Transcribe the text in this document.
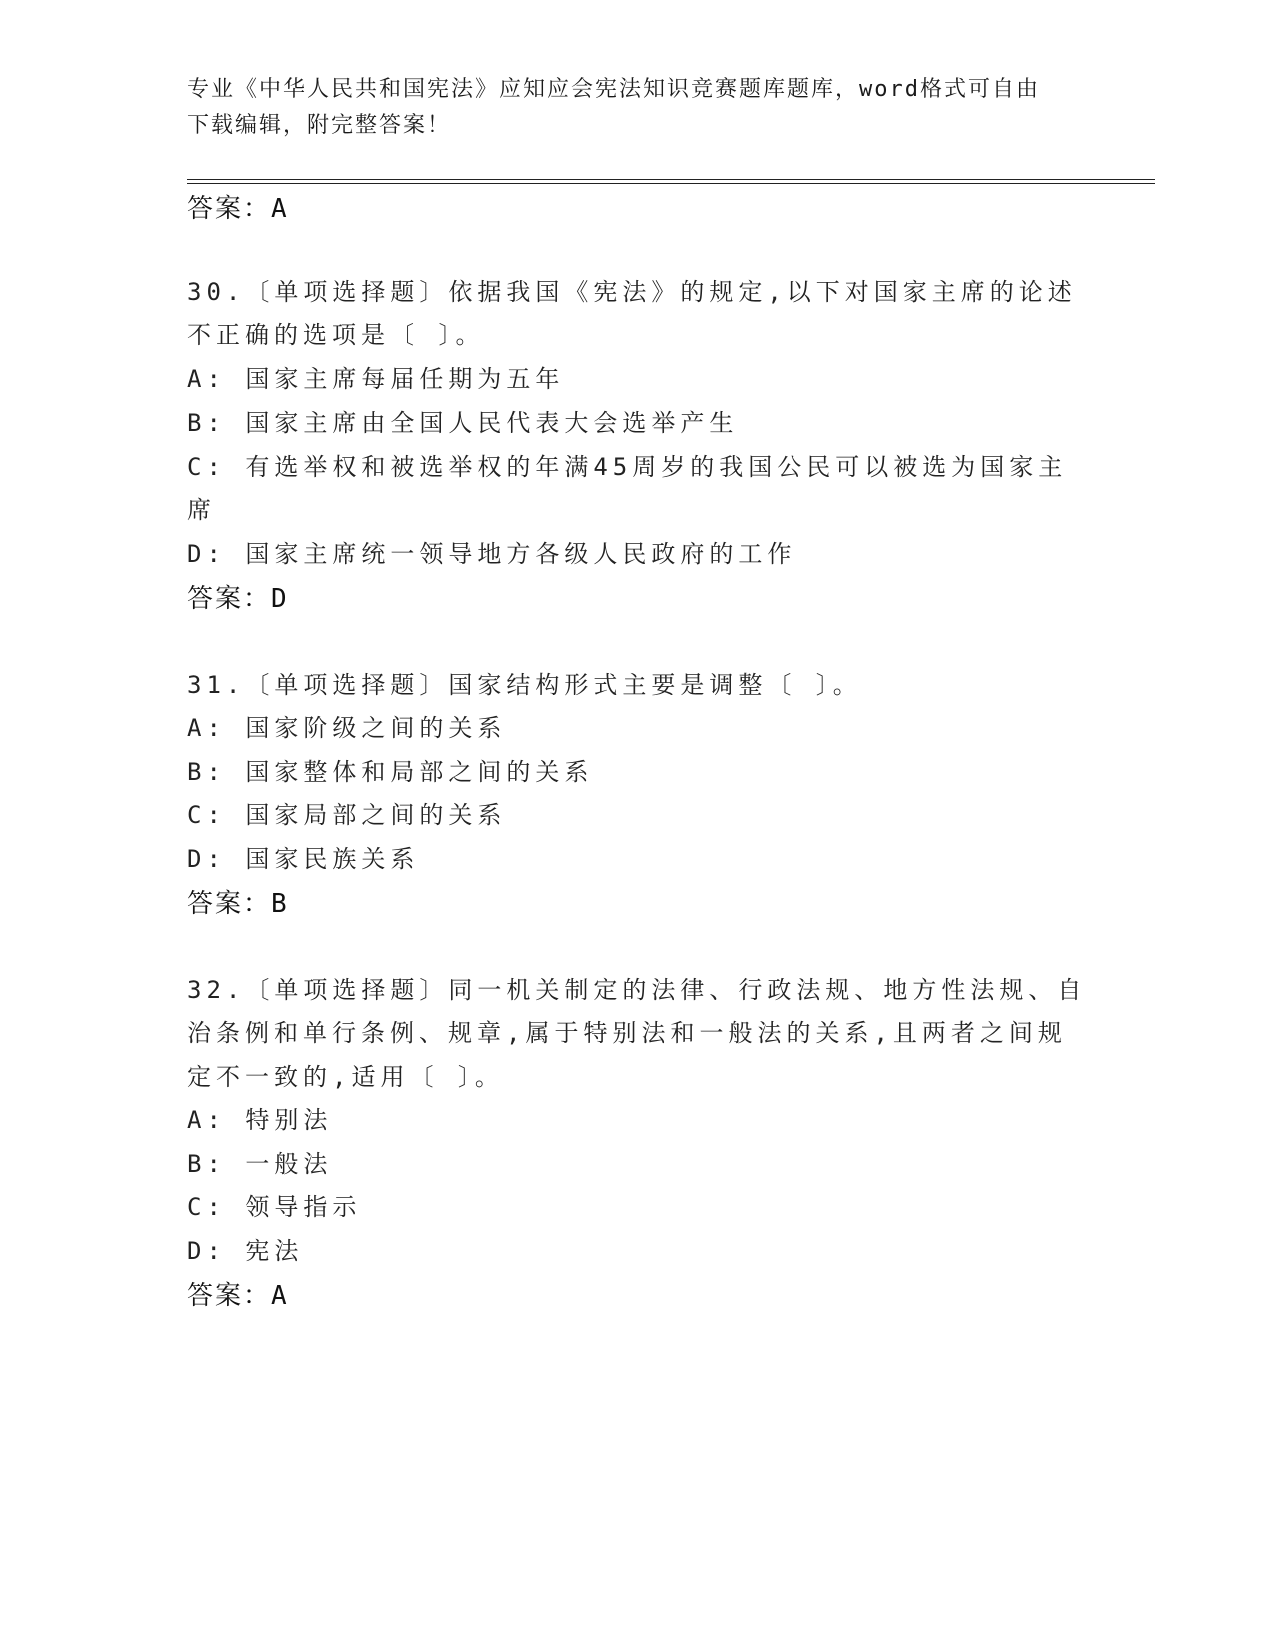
专业《中华人民共和国宪法》应知应会宪法知识竞赛题库题库，word格式可自由
下载编辑，附完整答案！
答案：A
30.〔单项选择题〕依据我国《宪法》的规定,以下对国家主席的论述
不正确的选项是〔 〕。
A: 国家主席每届任期为五年
B: 国家主席由全国人民代表大会选举产生
C: 有选举权和被选举权的年满45周岁的我国公民可以被选为国家主
席
D: 国家主席统一领导地方各级人民政府的工作
答案：D
31.〔单项选择题〕国家结构形式主要是调整〔 〕。
A: 国家阶级之间的关系
B: 国家整体和局部之间的关系
C: 国家局部之间的关系
D: 国家民族关系
答案：B
32.〔单项选择题〕同一机关制定的法律、行政法规、地方性法规、自
治条例和单行条例、规章,属于特别法和一般法的关系,且两者之间规
定不一致的,适用〔 〕。
A: 特别法
B: 一般法
C: 领导指示
D: 宪法
答案：A
